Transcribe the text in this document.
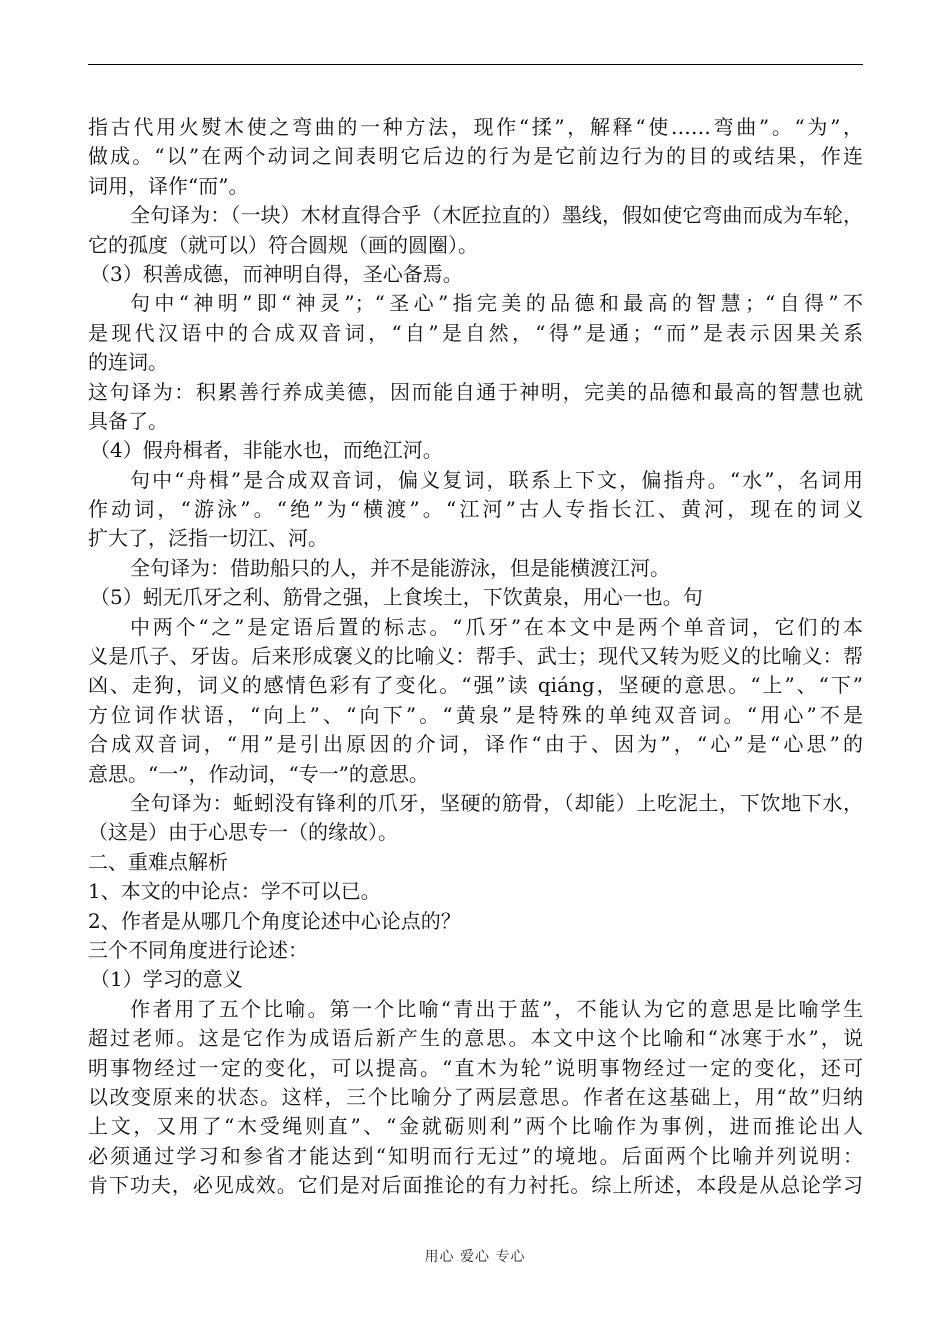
指古代用火熨木使之弯曲的一种方法，现作“揉”，解释“使……弯曲”。“为”，
做成。“以”在两个动词之间表明它后边的行为是它前边行为的目的或结果，作连
词用，译作“而”。
全句译为：（一块）木材直得合乎（木匠拉直的）墨线，假如使它弯曲而成为车轮，
它的孤度（就可以）符合圆规（画的圆圈）。
（3）积善成德，而神明自得，圣心备焉。
句中“神明”即“神灵”；“圣心”指完美的品德和最高的智慧；“自得”不
是现代汉语中的合成双音词，“自”是自然，“得”是通；“而”是表示因果关系
的连词。
这句译为：积累善行养成美德，因而能自通于神明，完美的品德和最高的智慧也就
具备了。
（4）假舟楫者，非能水也，而绝江河。
句中“舟楫”是合成双音词，偏义复词，联系上下文，偏指舟。“水”，名词用
作动词，“游泳”。“绝”为“横渡”。“江河”古人专指长江、黄河，现在的词义
扩大了，泛指一切江、河。
全句译为：借助船只的人，并不是能游泳，但是能横渡江河。
（5）蚓无爪牙之利、筋骨之强，上食埃土，下饮黄泉，用心一也。句
中两个“之”是定语后置的标志。“爪牙”在本文中是两个单音词，它们的本
义是爪子、牙齿。后来形成褒义的比喻义：帮手、武士；现代又转为贬义的比喻义：帮
凶、走狗，词义的感情色彩有了变化。“强”读 qiáng，坚硬的意思。“上”、“下”
方位词作状语，“向上”、“向下”。“黄泉”是特殊的单纯双音词。“用心”不是
合成双音词，“用”是引出原因的介词，译作“由于、因为”，“心”是“心思”的
意思。“一”，作动词，“专一”的意思。
全句译为：蚯蚓没有锋利的爪牙，坚硬的筋骨，（却能）上吃泥土，下饮地下水，
（这是）由于心思专一（的缘故）。
二、重难点解析
1、本文的中论点：学不可以已。
2、作者是从哪几个角度论述中心论点的？
三个不同角度进行论述：
（1）学习的意义
作者用了五个比喻。第一个比喻“青出于蓝”，不能认为它的意思是比喻学生
超过老师。这是它作为成语后新产生的意思。本文中这个比喻和“冰寒于水”，说
明事物经过一定的变化，可以提高。“直木为轮”说明事物经过一定的变化，还可
以改变原来的状态。这样，三个比喻分了两层意思。作者在这基础上，用“故”归纳
上文，又用了“木受绳则直”、“金就砺则利”两个比喻作为事例，进而推论出人
必须通过学习和参省才能达到“知明而行无过”的境地。后面两个比喻并列说明：
肯下功夫，必见成效。它们是对后面推论的有力衬托。综上所述，本段是从总论学习
用心 爱心 专心
